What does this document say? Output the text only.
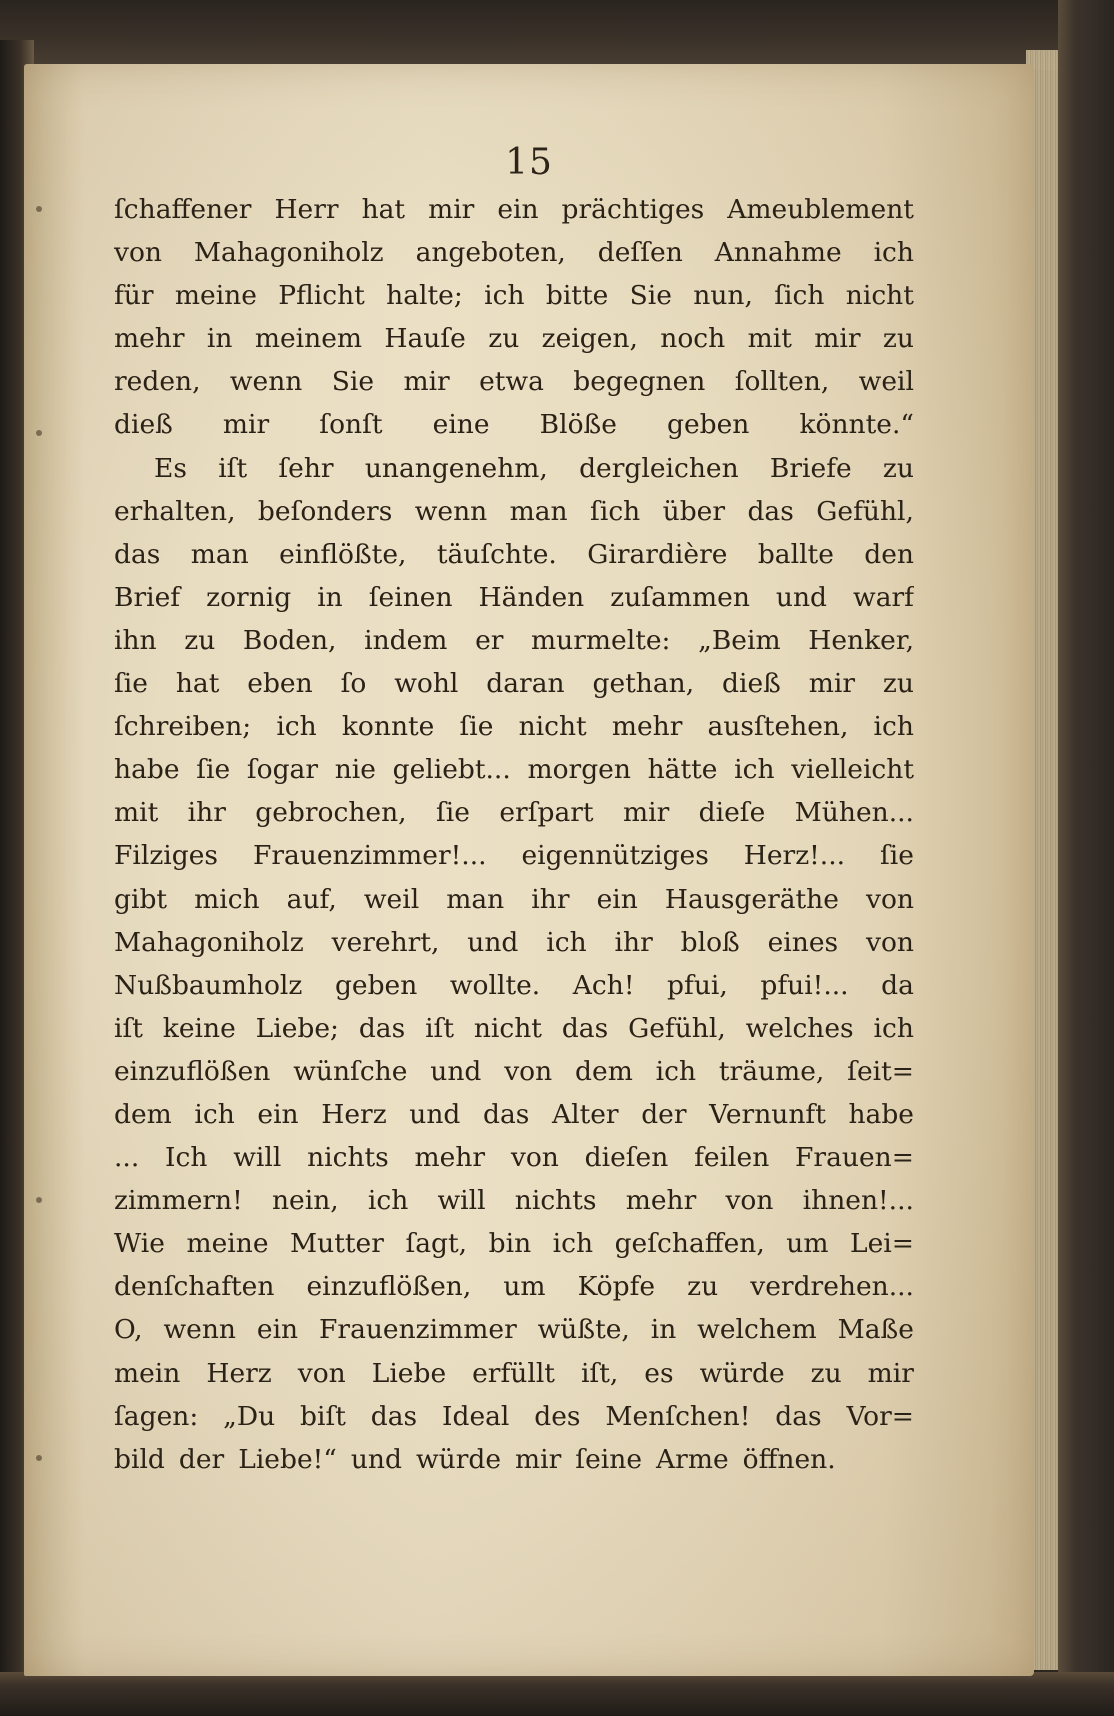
15
ſchaffener Herr hat mir ein prächtiges Ameublement
von Mahagoniholz angeboten, deſſen Annahme ich
für meine Pflicht halte; ich bitte Sie nun, ſich nicht
mehr in meinem Hauſe zu zeigen, noch mit mir zu
reden, wenn Sie mir etwa begegnen ſollten, weil
dieß mir ſonſt eine Blöße geben könnte.“
Es iſt ſehr unangenehm, dergleichen Briefe zu
erhalten, beſonders wenn man ſich über das Gefühl,
das man einflößte, täuſchte. Girardière ballte den
Brief zornig in ſeinen Händen zuſammen und warf
ihn zu Boden, indem er murmelte: „Beim Henker,
ſie hat eben ſo wohl daran gethan, dieß mir zu
ſchreiben; ich konnte ſie nicht mehr ausſtehen, ich
habe ſie ſogar nie geliebt... morgen hätte ich vielleicht
mit ihr gebrochen, ſie erſpart mir dieſe Mühen...
Filziges Frauenzimmer!... eigennütziges Herz!... ſie
gibt mich auf, weil man ihr ein Hausgeräthe von
Mahagoniholz verehrt, und ich ihr bloß eines von
Nußbaumholz geben wollte. Ach! pfui, pfui!... da
iſt keine Liebe; das iſt nicht das Gefühl, welches ich
einzuflößen wünſche und von dem ich träume, ſeit=
dem ich ein Herz und das Alter der Vernunft habe
... Ich will nichts mehr von dieſen feilen Frauen=
zimmern! nein, ich will nichts mehr von ihnen!...
Wie meine Mutter ſagt, bin ich geſchaffen, um Lei=
denſchaften einzuflößen, um Köpfe zu verdrehen...
O, wenn ein Frauenzimmer wüßte, in welchem Maße
mein Herz von Liebe erfüllt iſt, es würde zu mir
ſagen: „Du biſt das Ideal des Menſchen! das Vor=
bild der Liebe!“ und würde mir ſeine Arme öffnen.
